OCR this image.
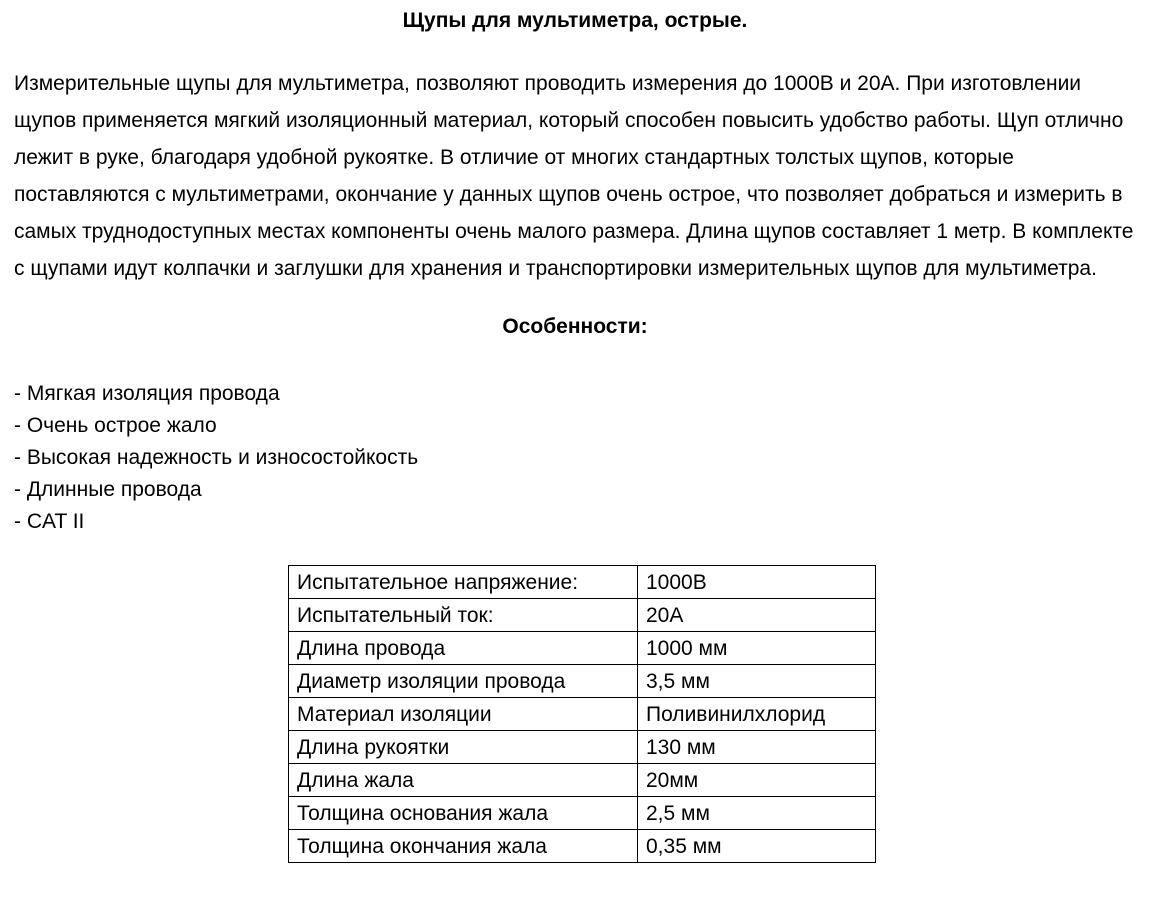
Щупы для мультиметра, острые.
Измерительные щупы для мультиметра, позволяют проводить измерения до 1000В и 20А. При изготовлении щупов применяется мягкий изоляционный материал, который способен повысить удобство работы. Щуп отлично лежит в руке, благодаря удобной рукоятке. В отличие от многих стандартных толстых щупов, которые поставляются с мультиметрами, окончание у данных щупов очень острое, что позволяет добраться и измерить в самых труднодоступных местах компоненты очень малого размера. Длина щупов составляет 1 метр. В комплекте с щупами идут колпачки и заглушки для хранения и транспортировки измерительных щупов для мультиметра.
Особенности:
- Мягкая изоляция провода
- Очень острое жало
- Высокая надежность и износостойкость
- Длинные провода
- CAT II
Испытательное напряжение:	1000В
Испытательный ток:	20А
Длина провода	1000 мм
Диаметр изоляции провода	3,5 мм
Материал изоляции	Поливинилхлорид
Длина рукоятки	130 мм
Длина жала	20мм
Толщина основания жала	2,5 мм
Толщина окончания жала	0,35 мм
